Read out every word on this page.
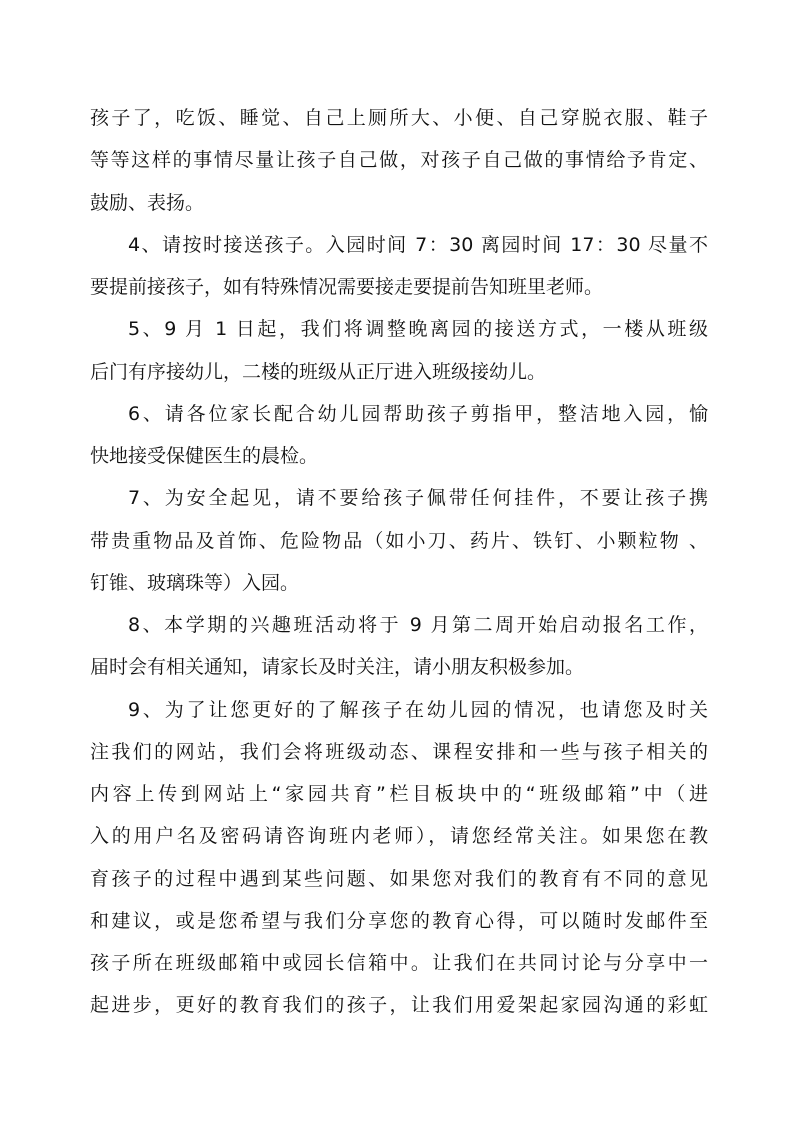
孩子了，吃饭、睡觉、自己上厕所大、小便、自己穿脱衣服、鞋子
等等这样的事情尽量让孩子自己做，对孩子自己做的事情给予肯定、
鼓励、表扬。
4、请按时接送孩子。入园时间 7：30 离园时间 17：30 尽量不
要提前接孩子，如有特殊情况需要接走要提前告知班里老师。
5、9 月 1 日起，我们将调整晚离园的接送方式，一楼从班级
后门有序接幼儿，二楼的班级从正厅进入班级接幼儿。
6、请各位家长配合幼儿园帮助孩子剪指甲，整洁地入园，愉
快地接受保健医生的晨检。
7、为安全起见，请不要给孩子佩带任何挂件，不要让孩子携
带贵重物品及首饰、危险物品（如小刀、药片、铁钉、小颗粒物 、
钉锥、玻璃珠等）入园。
8、本学期的兴趣班活动将于 9 月第二周开始启动报名工作，
届时会有相关通知，请家长及时关注，请小朋友积极参加。
9、为了让您更好的了解孩子在幼儿园的情况，也请您及时关
注我们的网站，我们会将班级动态、课程安排和一些与孩子相关的
内容上传到网站上“家园共育”栏目板块中的“班级邮箱”中（进
入的用户名及密码请咨询班内老师），请您经常关注。如果您在教
育孩子的过程中遇到某些问题、如果您对我们的教育有不同的意见
和建议，或是您希望与我们分享您的教育心得，可以随时发邮件至
孩子所在班级邮箱中或园长信箱中。让我们在共同讨论与分享中一
起进步，更好的教育我们的孩子，让我们用爱架起家园沟通的彩虹
